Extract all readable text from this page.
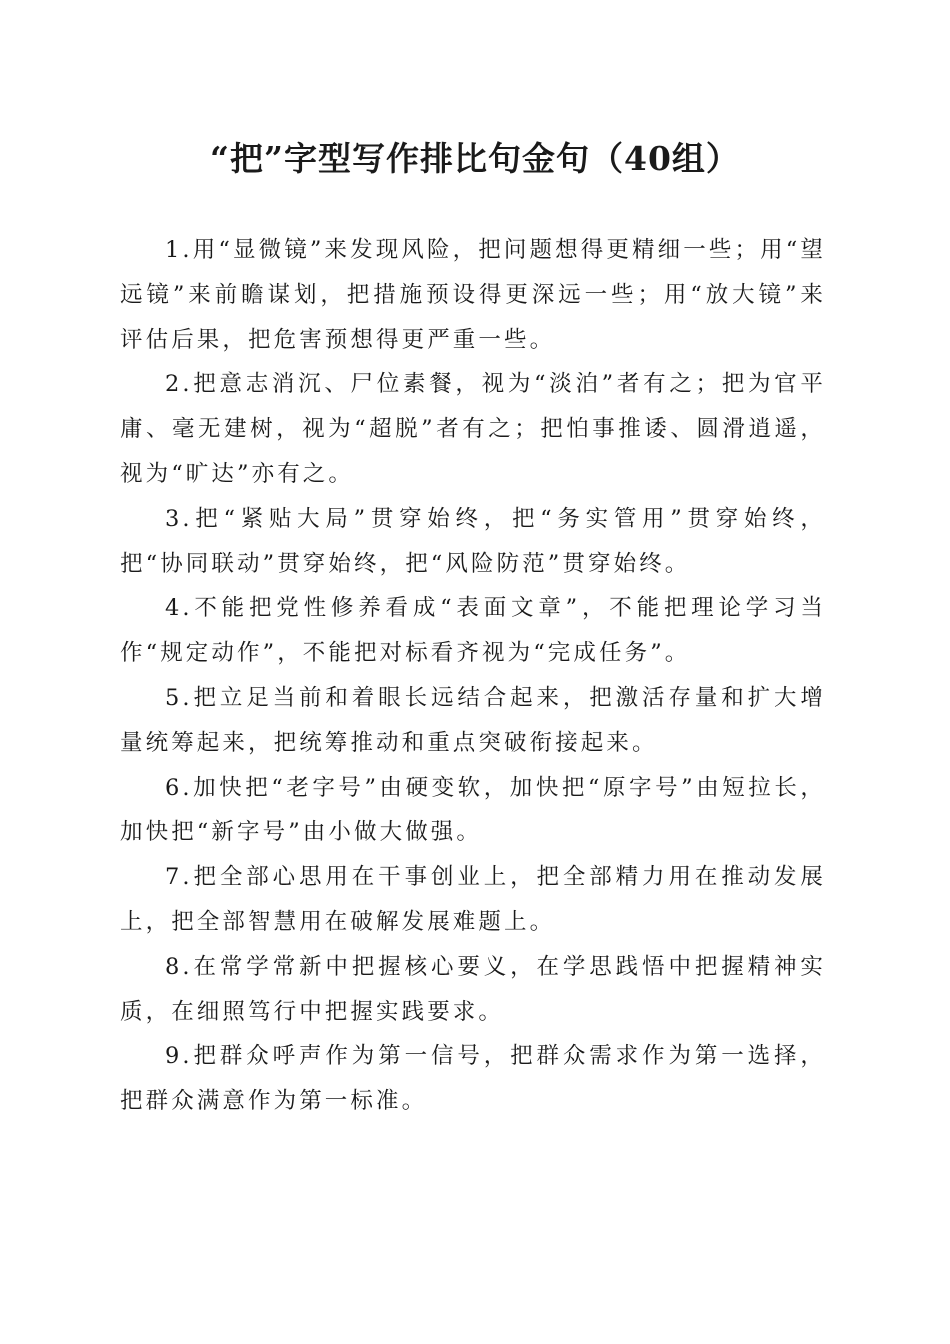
“把”字型写作排比句金句（40组）

1.用“显微镜”来发现风险，把问题想得更精细一些；用“望远镜”来前瞻谋划，把措施预设得更深远一些；用“放大镜”来评估后果，把危害预想得更严重一些。

2.把意志消沉、尸位素餐，视为“淡泊”者有之；把为官平庸、毫无建树，视为“超脱”者有之；把怕事推诿、圆滑逍遥，视为“旷达”亦有之。

3.把“紧贴大局”贯穿始终，把“务实管用”贯穿始终，把“协同联动”贯穿始终，把“风险防范”贯穿始终。

4.不能把党性修养看成“表面文章”，不能把理论学习当作“规定动作”，不能把对标看齐视为“完成任务”。

5.把立足当前和着眼长远结合起来，把激活存量和扩大增量统筹起来，把统筹推动和重点突破衔接起来。

6.加快把“老字号”由硬变软，加快把“原字号”由短拉长，加快把“新字号”由小做大做强。

7.把全部心思用在干事创业上，把全部精力用在推动发展上，把全部智慧用在破解发展难题上。

8.在常学常新中把握核心要义，在学思践悟中把握精神实质，在细照笃行中把握实践要求。

9.把群众呼声作为第一信号，把群众需求作为第一选择，把群众满意作为第一标准。
